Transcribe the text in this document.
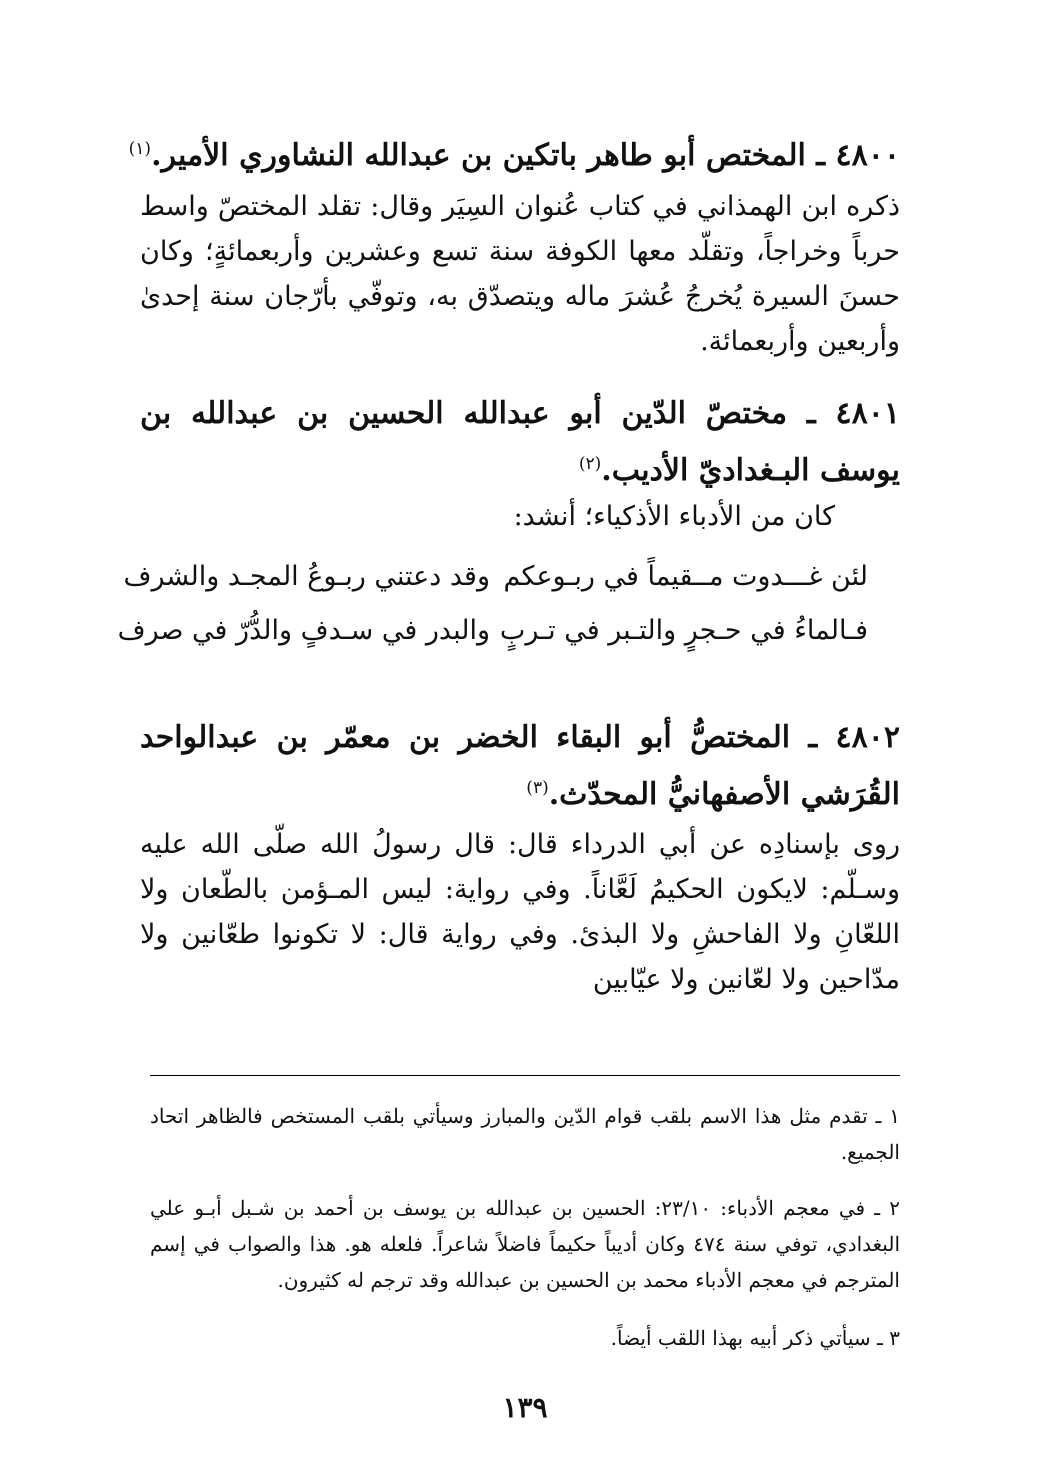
٤٨٠٠ ـ المختص أبو طاهر باتكين بن عبدالله النشاوري الأمير.$^{(١)}$
ذكره ابن الهمذاني في كتاب عُنوان السِيَر وقال: تقلد المختصّ واسط حرباً وخراجاً، وتقلّد معها الكوفة سنة تسع وعشرين وأربعمائةٍ؛ وكان حسنَ السيرة يُخرجُ عُشرَ ماله ويتصدّق به، وتوفّي بأرّجان سنة إحدىٰ وأربعين وأربعمائة.
٤٨٠١ ـ مختصّ الدّين أبو عبدالله الحسين بن عبدالله بن يوسف البـغداديّ الأديب.$^{(٢)}$
كان من الأدباء الأذكياء؛ أنشد:
لئن غـــدوت مــقيماً في ربـوعكم
وقد دعتني ربـوعُ المجـد والشرف
فـالماءُ في حـجرٍ والتـبر في تـربٍ
والبدر في سـدفٍ والدُّرّ في صرف
٤٨٠٢ ـ المختصُّ أبو البقاء الخضر بن معمّر بن عبدالواحد القُرَشي الأصفهانيُّ المحدّث.$^{(٣)}$
روى بإسنادِه عن أبي الدرداء قال: قال رسولُ الله صلّى الله عليه وسـلّم: لايكون الحكيمُ لَعَّاناً. وفي رواية: ليس المـؤمن بالطّعان ولا اللعّانِ ولا الفاحشِ ولا البذئ. وفي رواية قال: لا تكونوا طعّانين ولا مدّاحين ولا لعّانين ولا عيّابين
١ ـ تقدم مثل هذا الاسم بلقب قوام الدّين والمبارز وسيأتي بلقب المستخص فالظاهر اتحاد الجميع.
٢ ـ في معجم الأدباء: ٢٣/١٠: الحسين بن عبدالله بن يوسف بن أحمد بن شـبل أبـو علي البغدادي، توفي سنة ٤٧٤ وكان أديباً حكيماً فاضلاً شاعراً. فلعله هو. هذا والصواب في إسم المترجم في معجم الأدباء محمد بن الحسين بن عبدالله وقد ترجم له كثيرون.
٣ ـ سيأتي ذكر أبيه بهذا اللقب أيضاً.
١٣٩
